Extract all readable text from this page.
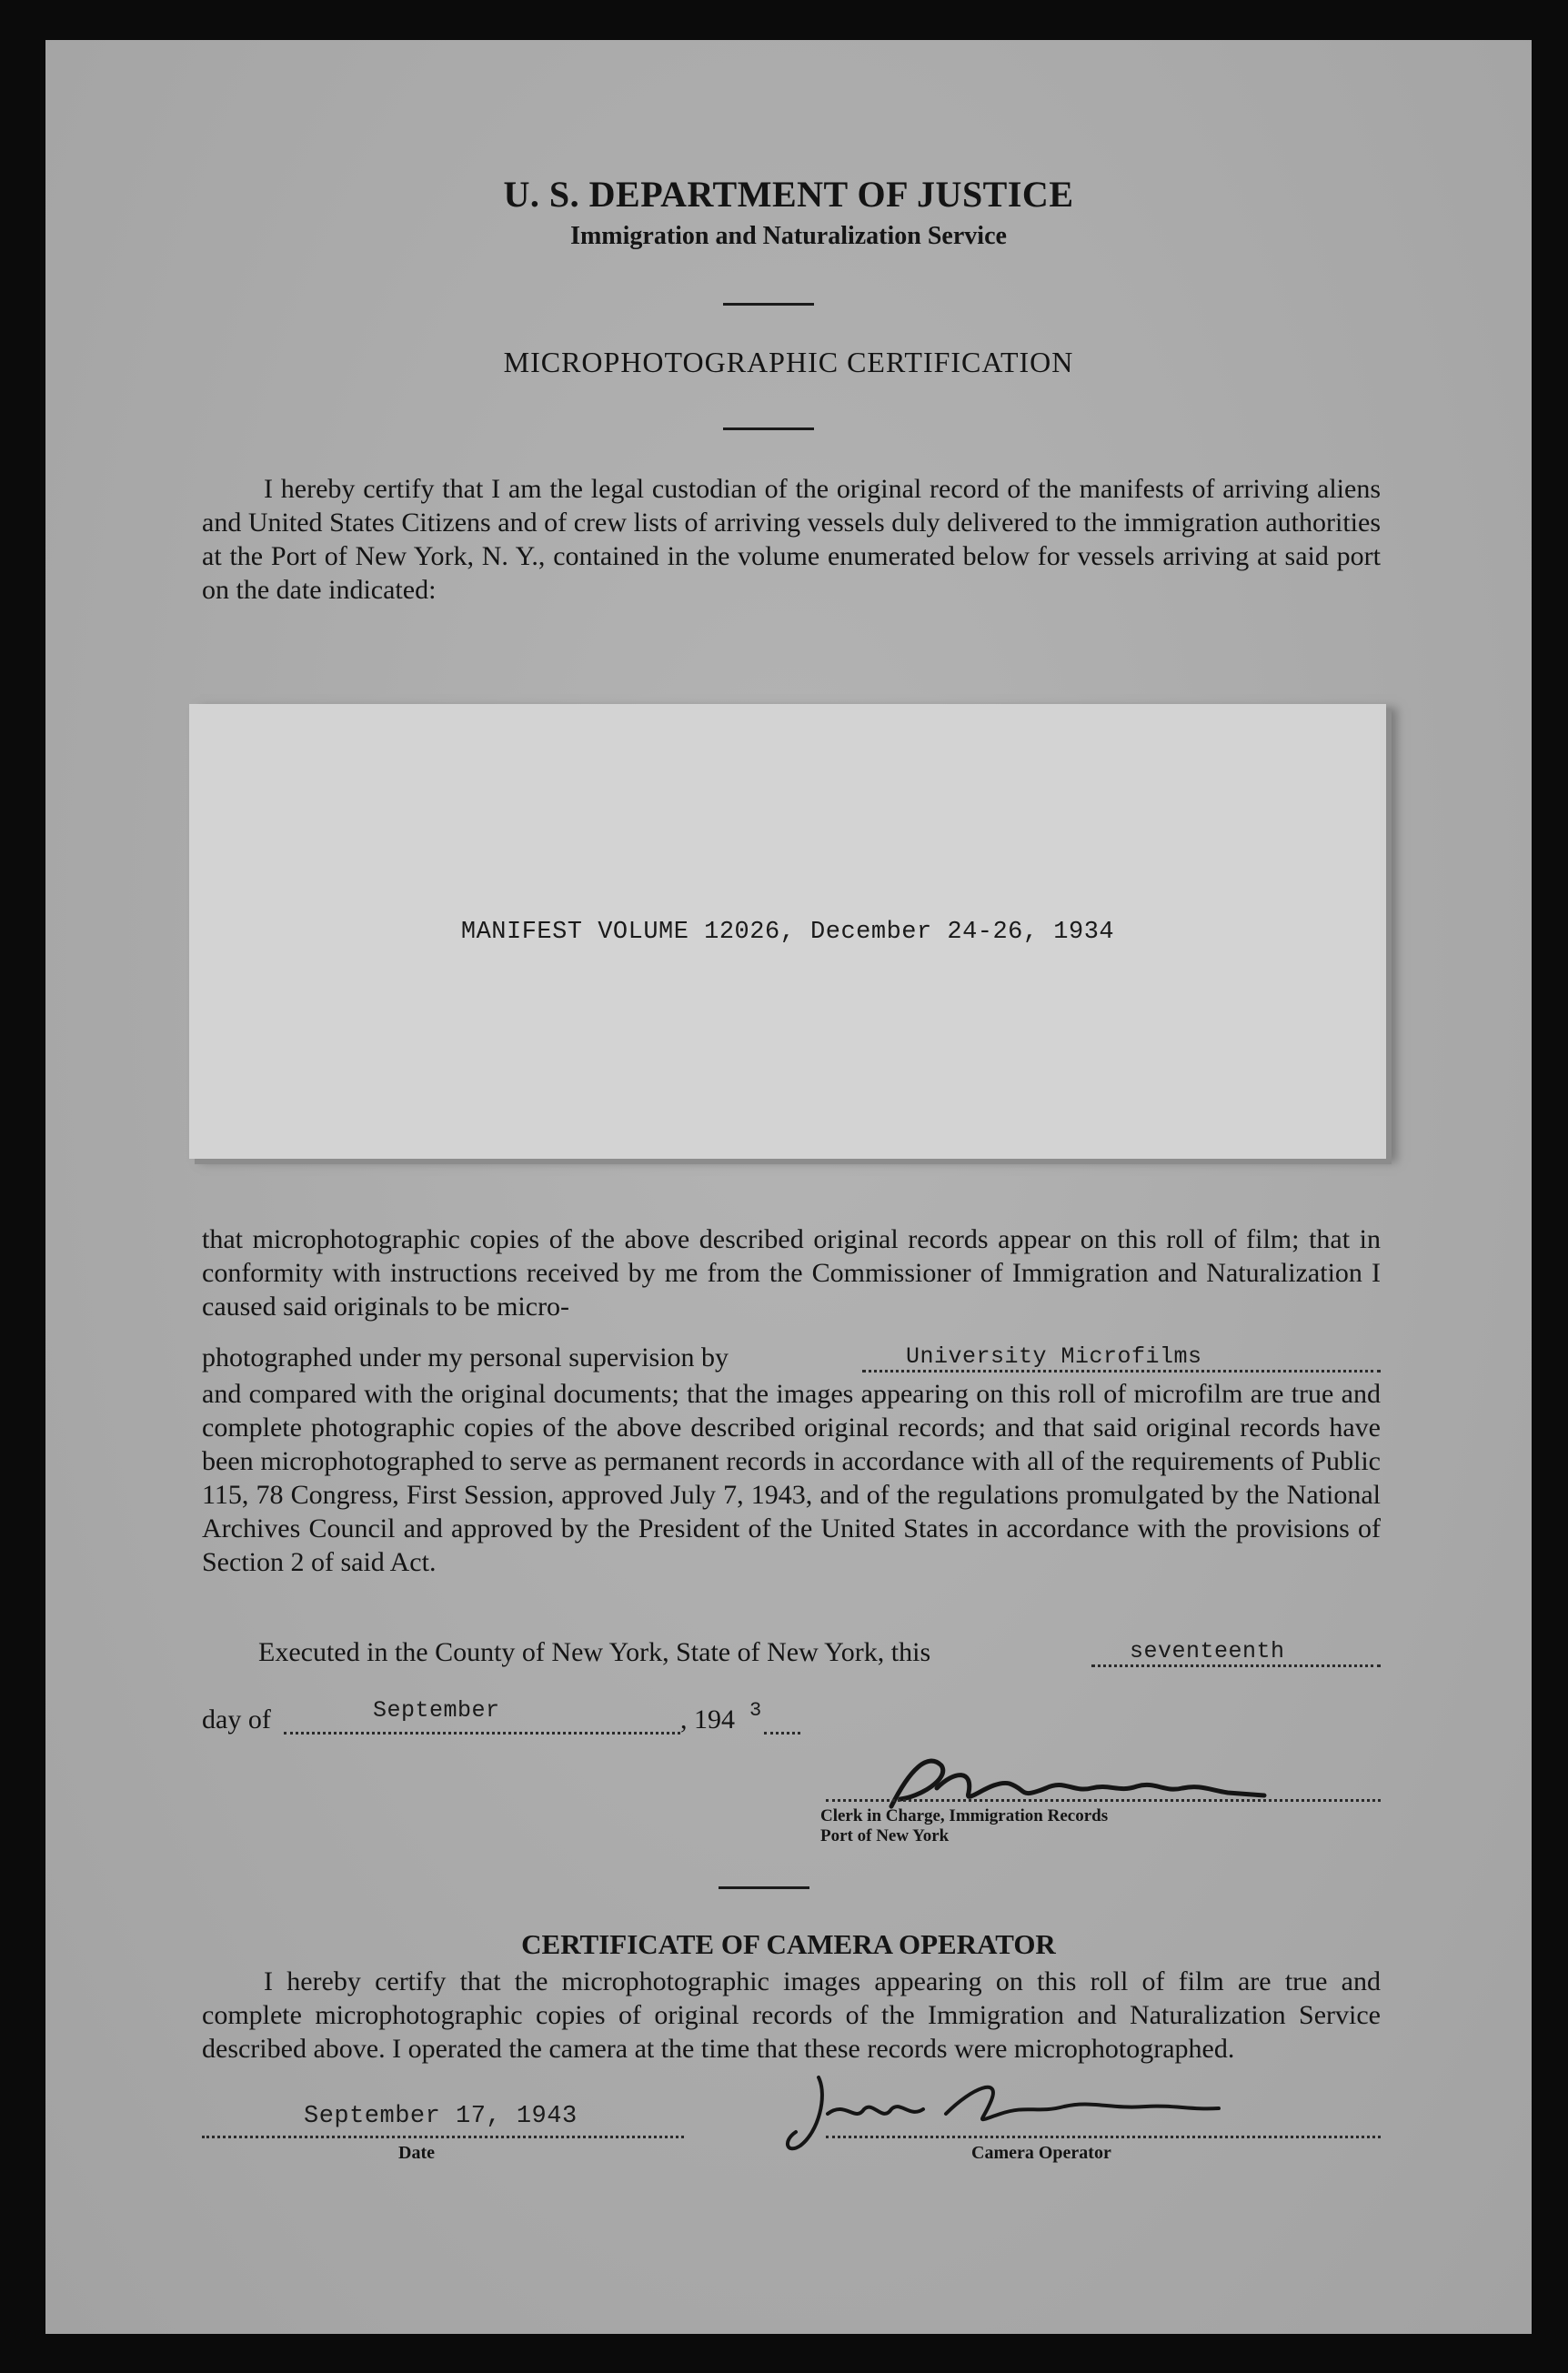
U. S. DEPARTMENT OF JUSTICE
Immigration and Naturalization Service
MICROPHOTOGRAPHIC CERTIFICATION
I hereby certify that I am the legal custodian of the original record of the manifests of arriving aliens and United States Citizens and of crew lists of arriving vessels duly delivered to the immigration authorities at the Port of New York, N. Y., contained in the volume enumerated below for vessels arriving at said port on the date indicated:
MANIFEST VOLUME 12026, December 24-26, 1934
that microphotographic copies of the above described original records appear on this roll of film; that in conformity with instructions received by me from the Commissioner of Immigration and Naturalization I caused said originals to be micro-
photographed under my personal supervision by	University Microfilms
and compared with the original documents; that the images appearing on this roll of microfilm are true and complete photographic copies of the above described original records; and that said original records have been microphotographed to serve as permanent records in accordance with all of the requirements of Public 115, 78 Congress, First Session, approved July 7, 1943, and of the regulations promulgated by the National Archives Council and approved by the President of the United States in accordance with the provisions of Section 2 of said Act.
Executed in the County of New York, State of New York, this	seventeenth
day of	September	, 194 3
Clerk in Charge, Immigration Records
Port of New York
CERTIFICATE OF CAMERA OPERATOR
I hereby certify that the microphotographic images appearing on this roll of film are true and complete microphotographic copies of original records of the Immigration and Naturalization Service described above. I operated the camera at the time that these records were microphotographed.
September 17, 1943
Date	Camera Operator
